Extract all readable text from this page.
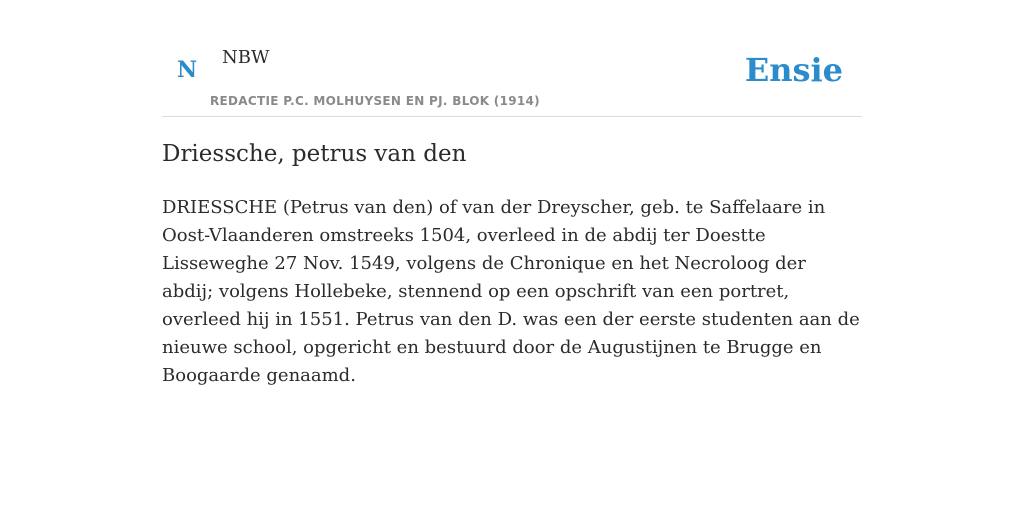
N NBW
REDACTIE P.C. MOLHUYSEN EN PJ. BLOK (1914)
Ensie
Driessche, petrus van den

DRIESSCHE (Petrus van den) of van der Dreyscher, geb. te Saffelaare in Oost-Vlaanderen omstreeks 1504, overleed in de abdij ter Doestte Lisseweghe 27 Nov. 1549, volgens de Chronique en het Necroloog der abdij; volgens Hollebeke, stennend op een opschrift van een portret, overleed hij in 1551. Petrus van den D. was een der eerste studenten aan de nieuwe school, opgericht en bestuurd door de Augustijnen te Brugge en Boogaarde genaamd.
